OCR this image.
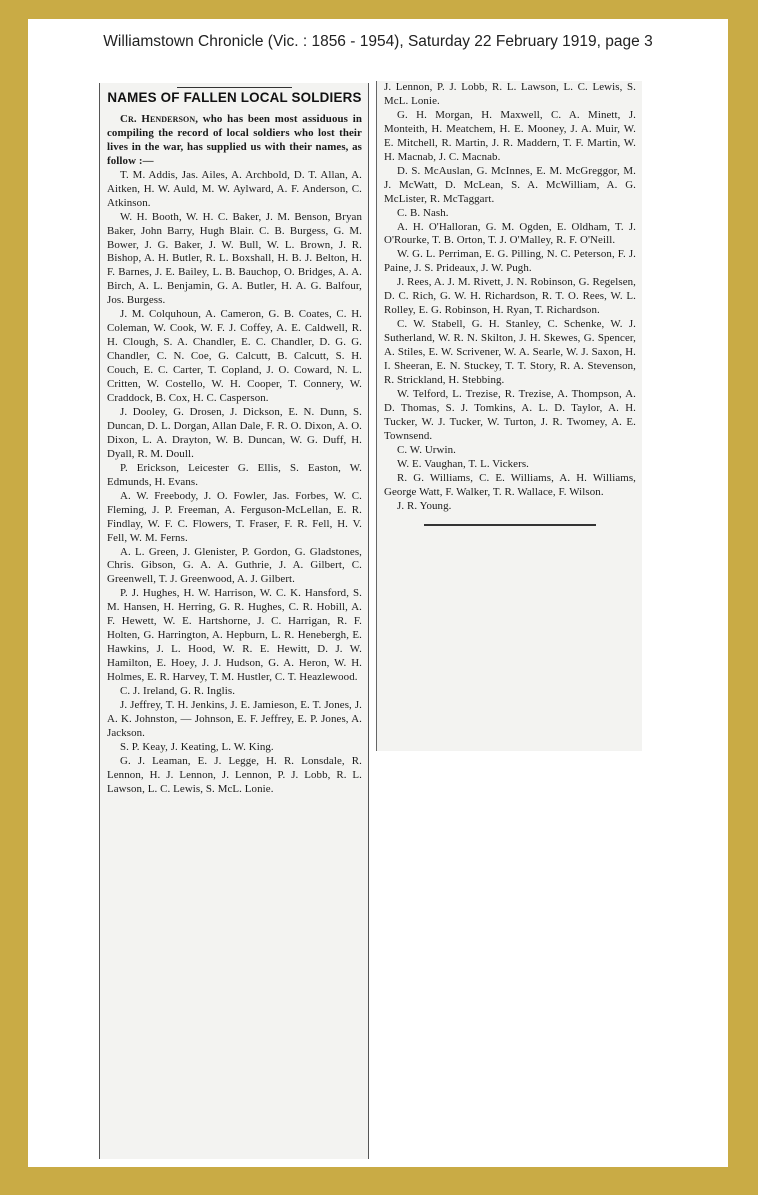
Williamstown Chronicle (Vic. : 1856 - 1954), Saturday 22 February 1919, page 3
NAMES OF FALLEN LOCAL SOLDIERS

Cr. Henderson, who has been most assiduous in compiling the record of local soldiers who lost their lives in the war, has supplied us with their names, as follow :—

T. M. Addis, Jas. Ailes, A. Archbold, D. T. Allan, A. Aitken, H. W. Auld, M. W. Aylward, A. F. Anderson, C. Atkinson.

W. H. Booth, W. H. C. Baker, J. M. Benson, Bryan Baker, John Barry, Hugh Blair. C. B. Burgess, G. M. Bower, J. G. Baker, J. W. Bull, W. L. Brown, J. R. Bishop, A. H. Butler, R. L. Boxshall, H. B. J. Belton, H. F. Barnes, J. E. Bailey, L. B. Bauchop, O. Bridges, A. A. Birch, A. L. Benjamin, G. A. Butler, H. A. G. Balfour, Jos. Burgess.

J. M. Colquhoun, A. Cameron, G. B. Coates, C. H. Coleman, W. Cook, W. F. J. Coffey, A. E. Caldwell, R. H. Clough, S. A. Chandler, E. C. Chandler, D. G. G. Chandler, C. N. Coe, G. Calcutt, B. Calcutt, S. H. Couch, E. C. Carter, T. Copland, J. O. Coward, N. L. Critten, W. Costello, W. H. Cooper, T. Connery, W. Craddock, B. Cox, H. C. Casperson.

J. Dooley, G. Drosen, J. Dickson, E. N. Dunn, S. Duncan, D. L. Dorgan, Allan Dale, F. R. O. Dixon, A. O. Dixon, L. A. Drayton, W. B. Duncan, W. G. Duff, H. Dyall, R. M. Doull.

P. Erickson, Leicester G. Ellis, S. Easton, W. Edmunds, H. Evans.

A. W. Freebody, J. O. Fowler, Jas. Forbes, W. C. Fleming, J. P. Freeman, A. Ferguson-McLellan, E. R. Findlay, W. F. C. Flowers, T. Fraser, F. R. Fell, H. V. Fell, W. M. Ferns.

A. L. Green, J. Glenister, P. Gordon, G. Gladstones, Chris. Gibson, G. A. A. Guthrie, J. A. Gilbert, C. Greenwell, T. J. Greenwood, A. J. Gilbert.

P. J. Hughes, H. W. Harrison, W. C. K. Hansford, S. M. Hansen, H. Herring, G. R. Hughes, C. R. Hobill, A. F. Hewett, W. E. Hartshorne, J. C. Harrigan, R. F. Holten, G. Harrington, A. Hepburn, L. R. Henebergh, E. Hawkins, J. L. Hood, W. R. E. Hewitt, D. J. W. Hamilton, E. Hoey, J. J. Hudson, G. A. Heron, W. H. Holmes, E. R. Harvey, T. M. Hustler, C. T. Heazlewood.

C. J. Ireland, G. R. Inglis.

J. Jeffrey, T. H. Jenkins, J. E. Jamieson, E. T. Jones, J. A. K. Johnston, — Johnson, E. F. Jeffrey, E. P. Jones, A. Jackson.

S. P. Keay, J. Keating, L. W. King.

G. J. Leaman, E. J. Legge, H. R. Lonsdale, R. Lennon, H. J. Lennon, J. Lennon, P. J. Lobb, R. L. Lawson, L. C. Lewis, S. McL. Lonie.

J. Lennon, P. J. Lobb, R. L. Lawson, L. C. Lewis, S. McL. Lonie.

G. H. Morgan, H. Maxwell, C. A. Minett, J. Monteith, H. Meatchem, H. E. Mooney, J. A. Muir, W. E. Mitchell, R. Martin, J. R. Maddern, T. F. Martin, W. H. Macnab, J. C. Macnab.

D. S. McAuslan, G. McInnes, E. M. McGreggor, M. J. McWatt, D. McLean, S. A. McWilliam, A. G. McLister, R. McTaggart.

C. B. Nash.

A. H. O'Halloran, G. M. Ogden, E. Oldham, T. J. O'Rourke, T. B. Orton, T. J. O'Malley, R. F. O'Neill.

W. G. L. Perriman, E. G. Pilling, N. C. Peterson, F. J. Paine, J. S. Prideaux, J. W. Pugh.

J. Rees, A. J. M. Rivett, J. N. Robinson, G. Regelsen, D. C. Rich, G. W. H. Richardson, R. T. O. Rees, W. L. Rolley, E. G. Robinson, H. Ryan, T. Richardson.

C. W. Stabell, G. H. Stanley, C. Schenke, W. J. Sutherland, W. R. N. Skilton, J. H. Skewes, G. Spencer, A. Stiles, E. W. Scrivener, W. A. Searle, W. J. Saxon, H. I. Sheeran, E. N. Stuckey, T. T. Story, R. A. Stevenson, R. Strickland, H. Stebbing.

W. Telford, L. Trezise, R. Trezise, A. Thompson, A. D. Thomas, S. J. Tomkins, A. L. D. Taylor, A. H. Tucker, W. J. Tucker, W. Turton, J. R. Twomey, A. E. Townsend.

C. W. Urwin.

W. E. Vaughan, T. L. Vickers.

R. G. Williams, C. E. Williams, A. H. Williams, George Watt, F. Walker, T. R. Wallace, F. Wilson.

J. R. Young.
